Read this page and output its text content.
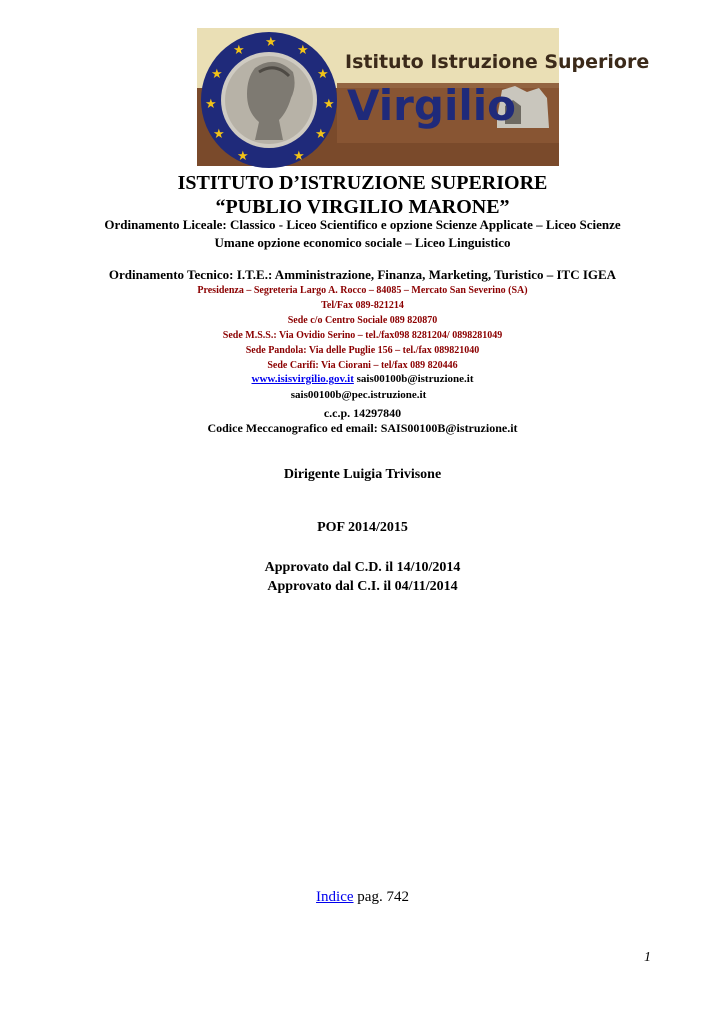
★
★	★
★	★
★	★
★	★
★	★
Istituto Istruzione Superiore
Virgilio
ISTITUTO D’ISTRUZIONE SUPERIORE
“PUBLIO VIRGILIO MARONE”
Ordinamento Liceale: Classico - Liceo Scientifico e opzione Scienze Applicate – Liceo Scienze
Umane opzione economico sociale – Liceo Linguistico
Ordinamento Tecnico: I.T.E.: Amministrazione, Finanza, Marketing, Turistico – ITC IGEA
Presidenza – Segreteria Largo A. Rocco – 84085 – Mercato San Severino (SA)
Tel/Fax 089-821214
Sede c/o Centro Sociale 089 820870
Sede M.S.S.: Via Ovidio Serino – tel./fax098 8281204/ 0898281049
Sede Pandola: Via delle Puglie 156 – tel./fax 089821040
Sede Carifi: Via Ciorani – tel/fax 089 820446
www.isisvirgilio.gov.it sais00100b@istruzione.it
sais00100b@pec.istruzione.it
c.c.p. 14297840
Codice Meccanografico ed email: SAIS00100B@istruzione.it
Dirigente Luigia Trivisone
POF 2014/2015
Approvato dal C.D. il 14/10/2014
Approvato dal C.I. il 04/11/2014
Indice pag. 742
1
